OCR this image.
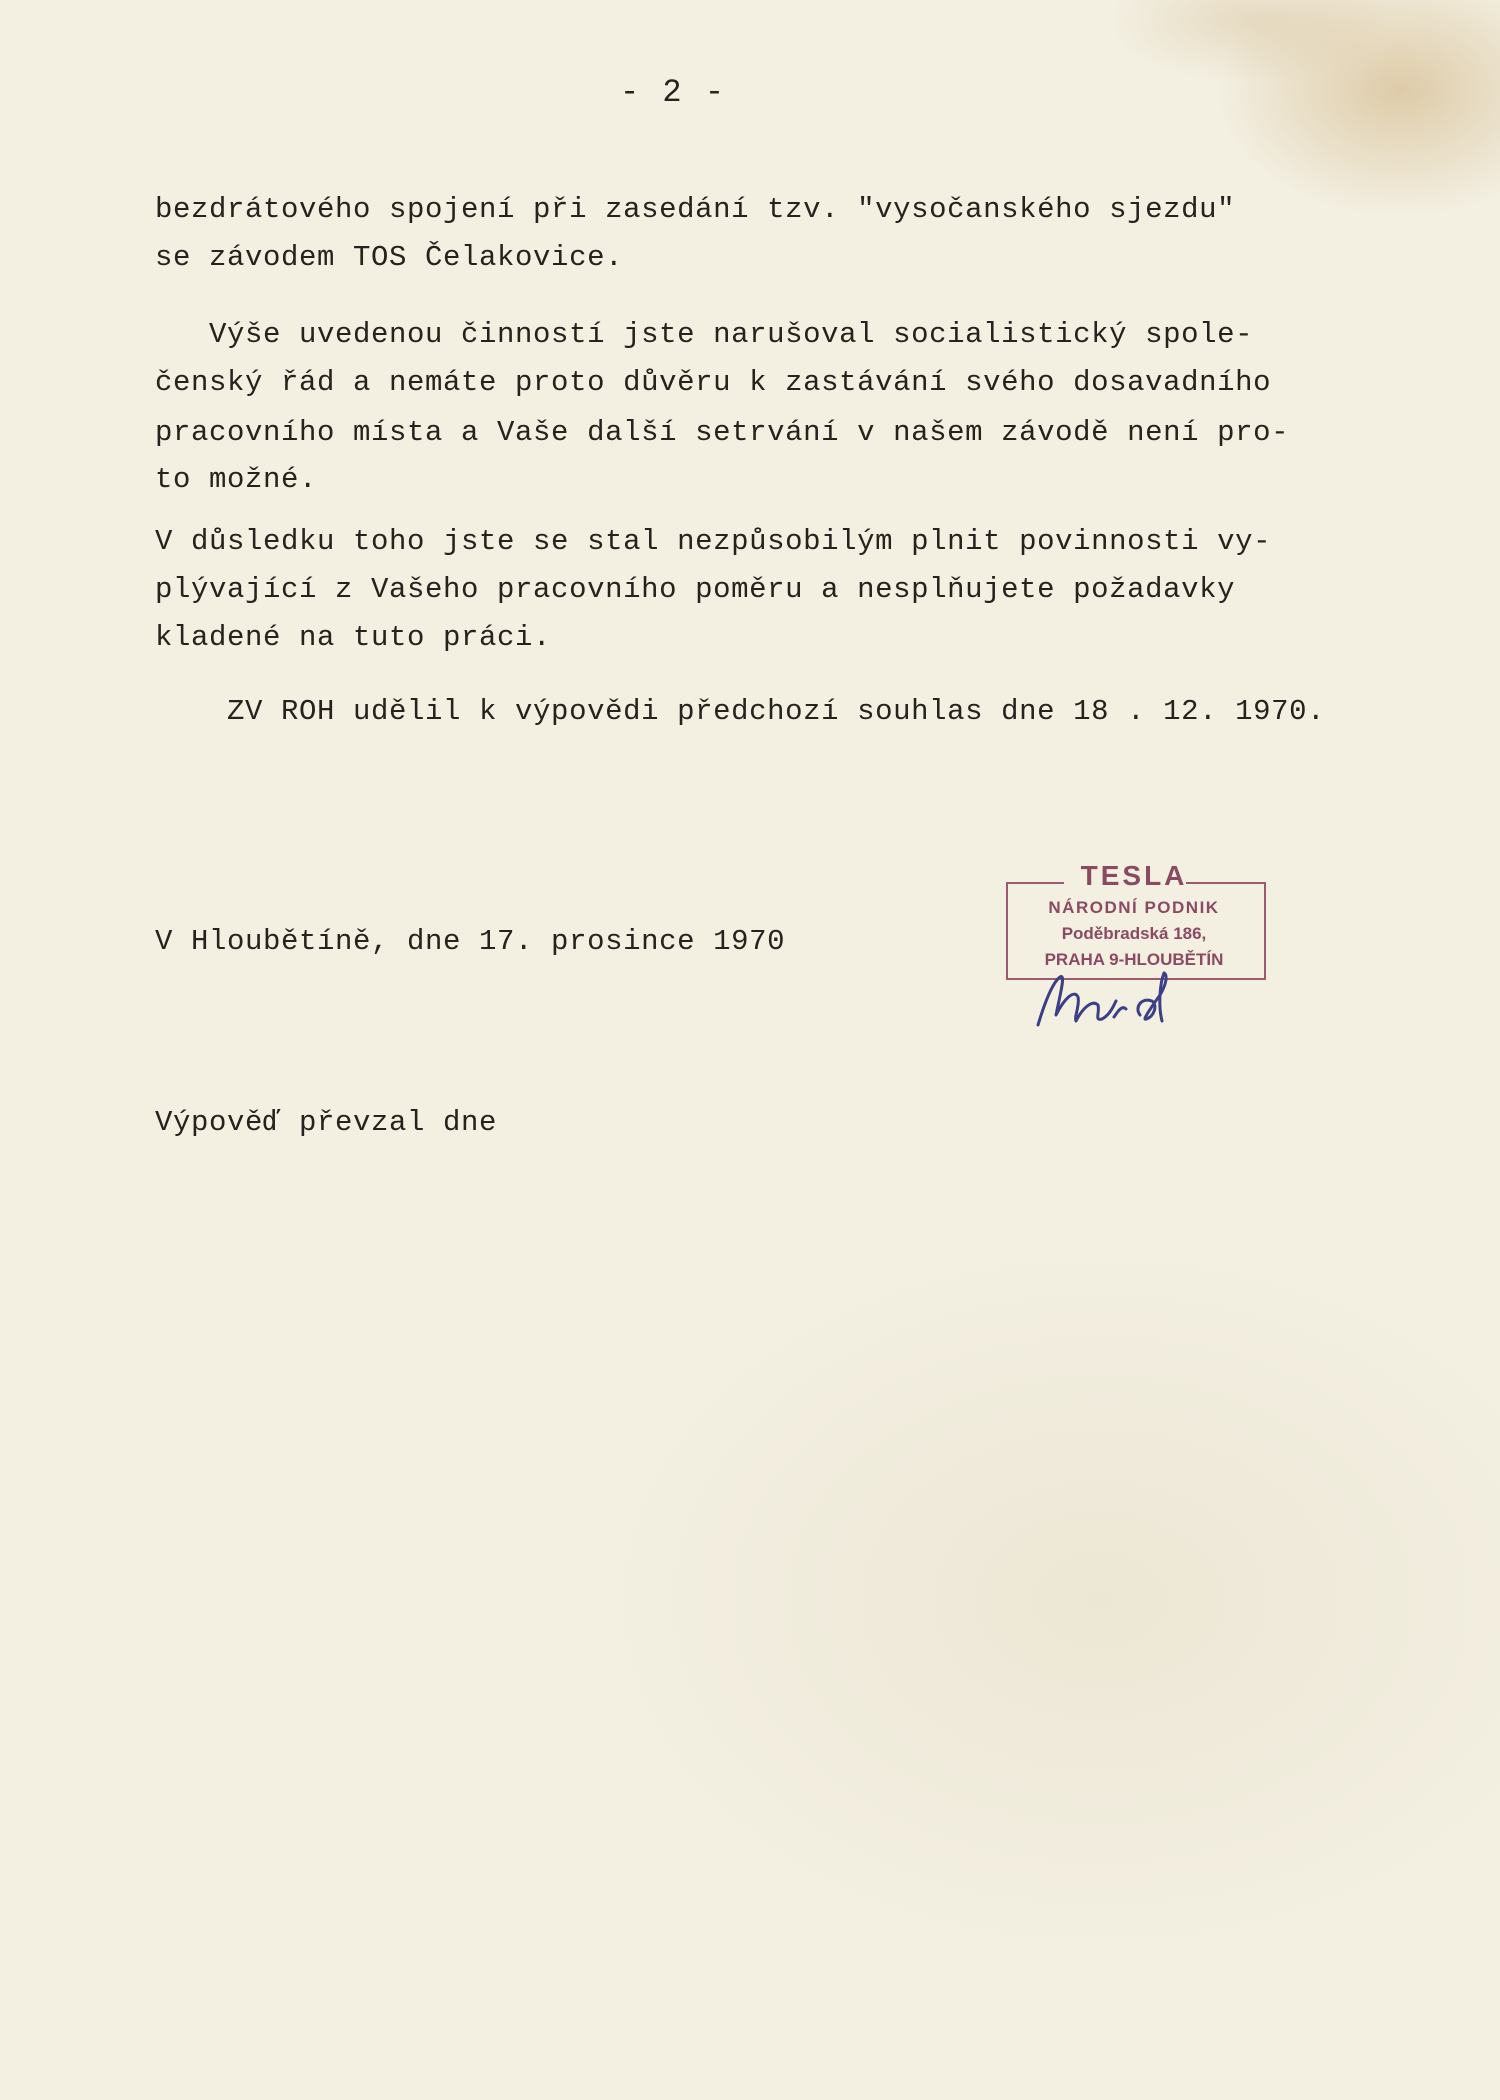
- 2 -
bezdrátového spojení při zasedání tzv. "vysočanského sjezdu"
se závodem TOS Čelakovice.
Výše uvedenou činností jste narušoval socialistický spole-
čenský řád a nemáte proto důvěru k zastávání svého dosavadního
pracovního místa a Vaše další setrvání v našem závodě není pro-
to možné.
V důsledku toho jste se stal nezpůsobilým plnit povinnosti vy-
plývající z Vašeho pracovního poměru a nesplňujete požadavky
kladené na tuto práci.
ZV ROH udělil k výpovědi předchozí souhlas dne 18 . 12. 1970.
V Hloubětíně, dne 17. prosince 1970
Výpověď převzal dne
TESLA
NÁRODNÍ PODNIK
Poděbradská 186,
PRAHA 9-HLOUBĚTÍN
